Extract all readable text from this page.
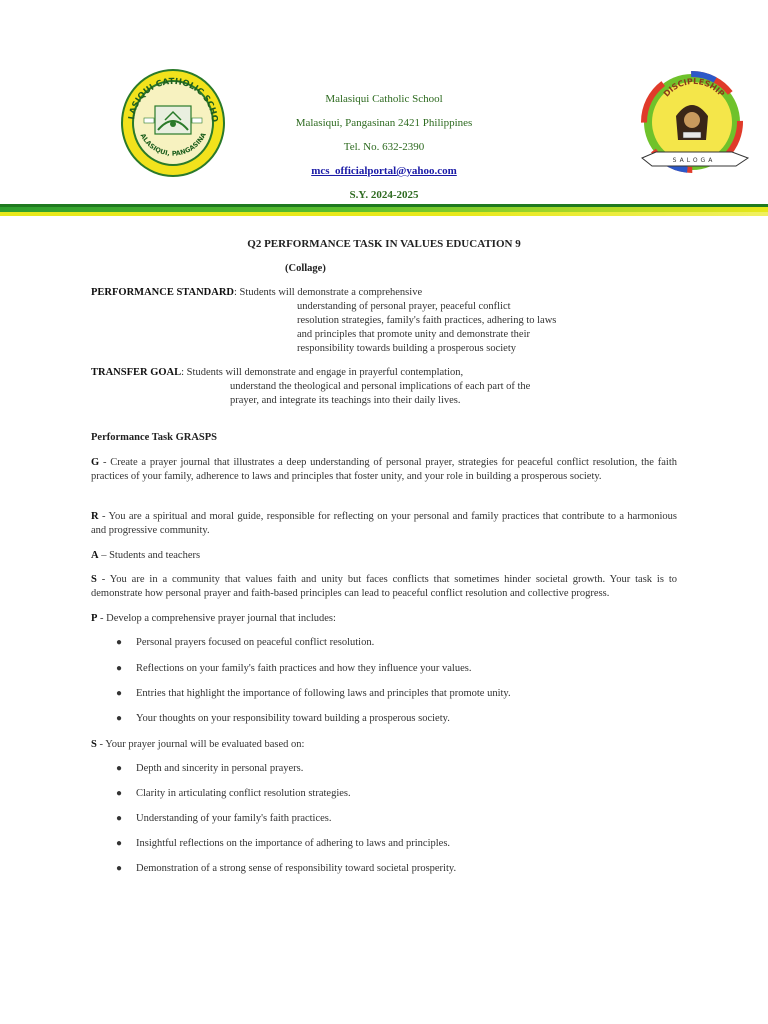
LASIQUI CATHOLIC SCHO
ALASIQUI, PANGASINA
DISCIPLESHIP
SALOGA
Malasiqui Catholic School
Malasiqui, Pangasinan 2421 Philippines
Tel. No. 632-2390
mcs_officialportal@yahoo.com
S.Y. 2024-2025
Q2 PERFORMANCE TASK IN VALUES EDUCATION 9
(Collage)
PERFORMANCE STANDARD: Students will demonstrate a comprehensive
understanding of personal prayer, peaceful conflict
resolution strategies, family's faith practices, adhering to laws
and principles that promote unity and demonstrate their
responsibility towards building a prosperous society
TRANSFER GOAL: Students will demonstrate and engage in prayerful contemplation,
understand the theological and personal implications of each part of the
prayer, and integrate its teachings into their daily lives.
Performance Task GRASPS
G - Create a prayer journal that illustrates a deep understanding of personal prayer, strategies for peaceful conflict resolution, the faith practices of your family, adherence to laws and principles that foster unity, and your role in building a prosperous society.
R - You are a spiritual and moral guide, responsible for reflecting on your personal and family practices that contribute to a harmonious and progressive community.
A – Students and teachers
S - You are in a community that values faith and unity but faces conflicts that sometimes hinder societal growth. Your task is to demonstrate how personal prayer and faith-based principles can lead to peaceful conflict resolution and collective progress.
P - Develop a comprehensive prayer journal that includes:
● Personal prayers focused on peaceful conflict resolution.
● Reflections on your family's faith practices and how they influence your values.
● Entries that highlight the importance of following laws and principles that promote unity.
● Your thoughts on your responsibility toward building a prosperous society.
S - Your prayer journal will be evaluated based on:
● Depth and sincerity in personal prayers.
● Clarity in articulating conflict resolution strategies.
● Understanding of your family's faith practices.
● Insightful reflections on the importance of adhering to laws and principles.
● Demonstration of a strong sense of responsibility toward societal prosperity.
